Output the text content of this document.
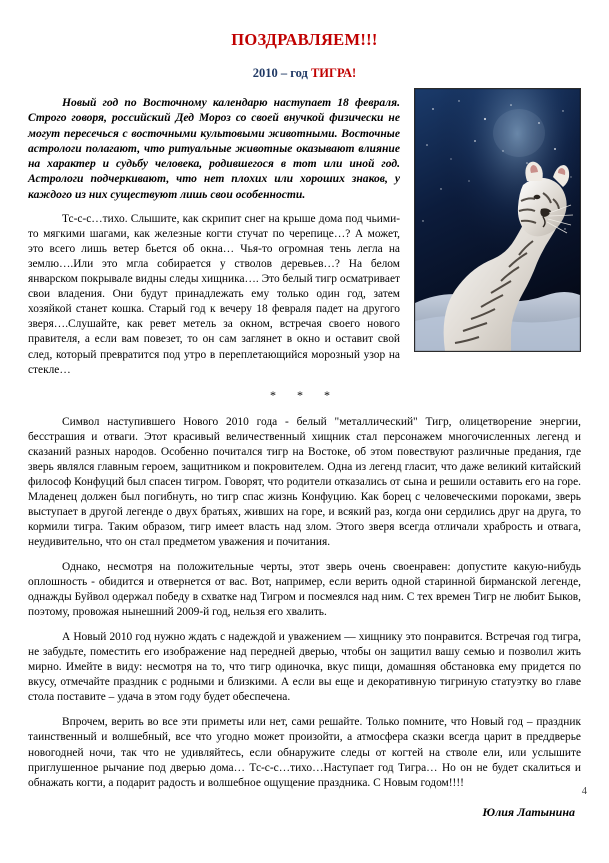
ПОЗДРАВЛЯЕМ!!!
2010 – год ТИГРА!

Новый год по Восточному календарю наступает 18 февраля. Строго говоря, российский Дед Мороз со своей внучкой физически не могут пересечься с восточными культовыми животными. Восточные астрологи полагают, что ритуальные животные оказывают влияние на характер и судьбу человека, родившегося в тот или иной год. Астрологи подчеркивают, что нет плохих или хороших знаков, у каждого из них существуют лишь свои особенности.

Тс-с-с…тихо. Слышите, как скрипит снег на крыше дома под чьими-то мягкими шагами, как железные когти стучат по черепице…? А может, это всего лишь ветер бьется об окна… Чья-то огромная тень легла на землю….Или это мгла собирается у стволов деревьев…? На белом январском покрывале видны следы хищника…. Это белый тигр осматривает свои владения. Они будут принадлежать ему только один год, затем хозяйкой станет кошка. Старый год к вечеру 18 февраля падет на другого зверя….Слушайте, как ревет метель за окном, встречая своего нового правителя, а если вам повезет, то он сам заглянет в окно и оставит свой след, который превратится под утро в переплетающийся морозный узор на стекле…

* * *

Символ наступившего Нового 2010 года - белый "металлический" Тигр, олицетворение энергии, бесстрашия и отваги. Этот красивый величественный хищник стал персонажем многочисленных легенд и сказаний разных народов. Особенно почитался тигр на Востоке, об этом повествуют различные предания, где зверь являлся главным героем, защитником и покровителем. Одна из легенд гласит, что даже великий китайский философ Конфуций был спасен тигром. Говорят, что родители отказались от сына и решили оставить его на горе. Младенец должен был погибнуть, но тигр спас жизнь Конфуцию. Как борец с человеческими пороками, зверь выступает в другой легенде о двух братьях, живших на горе, и всякий раз, когда они сердились друг на друга, то кормили тигра. Таким образом, тигр имеет власть над злом. Этого зверя всегда отличали храбрость и отвага, неудивительно, что он стал предметом уважения и почитания.

Однако, несмотря на положительные черты, этот зверь очень своенравен: допустите какую-нибудь оплошность - обидится и отвернется от вас. Вот, например, если верить одной старинной бирманской легенде, однажды Буйвол одержал победу в схватке над Тигром и посмеялся над ним. С тех времен Тигр не любит Быков, поэтому, провожая нынешний 2009-й год, нельзя его хвалить.

А Новый 2010 год нужно ждать с надеждой и уважением — хищнику это понравится. Встречая год тигра, не забудьте, поместить его изображение над передней дверью, чтобы он защитил вашу семью и позволил жить мирно. Имейте в виду: несмотря на то, что тигр одиночка, вкус пищи, домашняя обстановка ему придется по вкусу, отмечайте праздник с родными и близкими. А если вы еще и декоративную тигриную статуэтку во главе стола поставите – удача в этом году будет обеспечена.

Впрочем, верить во все эти приметы или нет, сами решайте. Только помните, что Новый год – праздник таинственный и волшебный, все что угодно может произойти, а атмосфера сказки всегда царит в преддверье новогодней ночи, так что не удивляйтесь, если обнаружите следы от когтей на стволе ели, или услышите приглушенное рычание под дверью дома… Тс-с-с…тихо…Наступает год Тигра… Но он не будет скалиться и обнажать когти, а подарит радость и волшебное ощущение праздника. С Новым годом!!!!

Юлия Латынина
4
